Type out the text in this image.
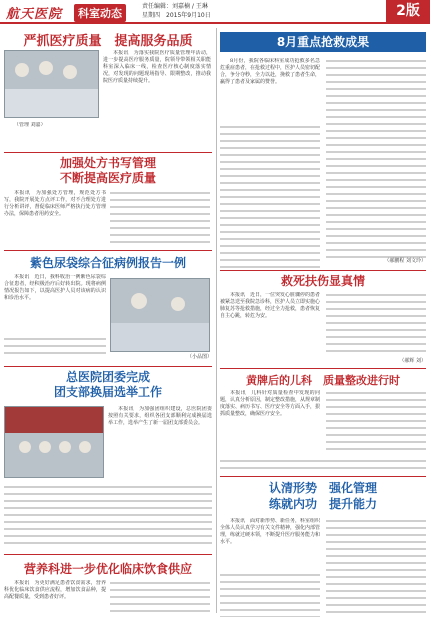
航天医院	科室动态
责任编辑：刘嘉楠 / 王琳
星期四　2015年9月10日	2版
严抓医疗质量　提高服务品质
本报讯　为落实我院医疗质量管理年活动，进一步提高医疗服务质量，院领导带领相关职能科室深入临床一线，检查医疗核心制度落实情况，对发现的问题现场指导、限期整改，推动我院医疗质量持续提升。
（管理 刘嘉）
加强处方书写管理
不断提高医疗质量
本报讯　为加强处方管理，规范处方书写，我院开展处方点评工作，对不合理处方进行分析讲评，督促临床医师严格执行处方管理办法，保障患者用药安全。
紫色尿袋综合征病例报告一例
本报讯　近日，我科收治一例紫色尿袋综合征患者，经积极治疗后好转出院。现将病例情况报告如下，以提高医护人员对该病的认识和诊治水平。
（小品图）
总医院团委完成
团支部换届选举工作
本报讯　为加强团组织建设，总医院团委按照有关要求，组织各团支部顺利完成换届选举工作，选举产生了新一届团支部委员会。
营养科进一步优化临床饮食供应
本报讯　为更好满足患者饮食需求，营养科优化临床饮食供应流程，增加饮食品种，提高配餐质量，受到患者好评。
8月重点抢救成果
8月份，我院各临床科室成功抢救多名急危重症患者，在抢救过程中，医护人员密切配合，争分夺秒，全力以赴，挽救了患者生命，赢得了患者及家属的赞誉。
（郝鹏程 刘文玲）
救死扶伤显真情
本报讯　近日，一位突发心脏骤停的患者被紧急送至我院急诊科，医护人员立即实施心肺复苏等抢救措施，经过全力抢救，患者恢复自主心跳，转危为安。
（郝辉 刘）
黄牌后的儿科　质量整改进行时
本报讯　儿科针对质量检查中发现的问题，认真分析原因，制定整改措施，从规章制度落实、病历书写、医疗安全等方面入手，狠抓质量整改，确保医疗安全。
认清形势　强化管理
练就内功　提升能力
本报讯　面对新形势、新任务，科室组织全体人员认真学习有关文件精神，强化内部管理，练就过硬本领，不断提升医疗服务能力和水平。
